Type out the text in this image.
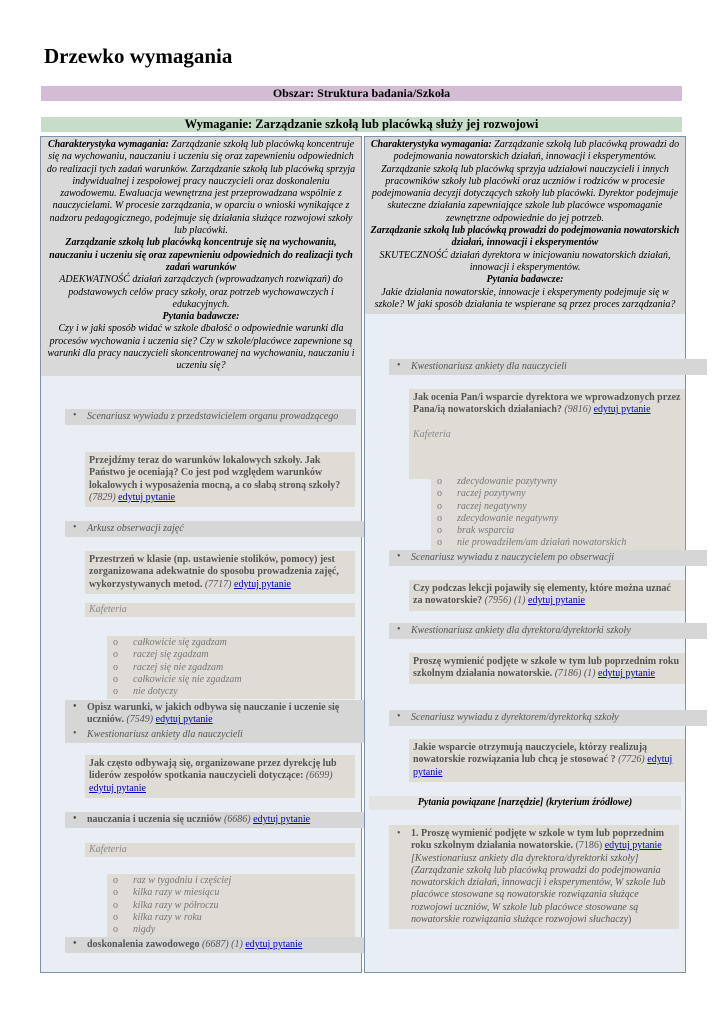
Drzewko wymagania
Obszar: Struktura badania/Szkoła
Wymaganie: Zarządzanie szkołą lub placówką służy jej rozwojowi
Charakterystyka wymagania: Zarządzanie szkołą lub placówką koncentruje się na wychowaniu, nauczaniu i uczeniu się oraz zapewnieniu odpowiednich do realizacji tych zadań warunków. Zarządzanie szkołą lub placówką sprzyja indywidualnej i zespołowej pracy nauczycieli oraz doskonaleniu zawodowemu. Ewaluacja wewnętrzna jest przeprowadzana wspólnie z nauczycielami. W procesie zarządzania, w oparciu o wnioski wynikające z nadzoru pedagogicznego, podejmuje się działania służące rozwojowi szkoły lub placówki.
Zarządzanie szkołą lub placówką koncentruje się na wychowaniu, nauczaniu i uczeniu się oraz zapewnieniu odpowiednich do realizacji tych zadań warunków
ADEKWATNOŚĆ działań zarządczych (wprowadzanych rozwiązań) do podstawowych celów pracy szkoły, oraz potrzeb wychowawczych i edukacyjnych.
Pytania badawcze:
Czy i w jaki sposób widać w szkole dbałość o odpowiednie warunki dla procesów wychowania i uczenia się? Czy w szkole/placówce zapewnione są warunki dla pracy nauczycieli skoncentrowanej na wychowaniu, nauczaniu i uczeniu się?
• Scenariusz wywiadu z przedstawicielem organu prowadzącego
Przejdźmy teraz do warunków lokalowych szkoły. Jak Państwo je oceniają? Co jest pod względem warunków lokalowych i wyposażenia mocną, a co słabą stroną szkoły? (7829) edytuj pytanie
• Arkusz obserwacji zajęć
Przestrzeń w klasie (np. ustawienie stolików, pomocy) jest zorganizowana adekwatnie do sposobu prowadzenia zajęć, wykorzystywanych metod. (7717) edytuj pytanie
Kafeteria
o całkowicie się zgadzam
o raczej się zgadzam
o raczej się nie zgadzam
o całkowicie się nie zgadzam
o nie dotyczy
• Opisz warunki, w jakich odbywa się nauczanie i uczenie się uczniów. (7549) edytuj pytanie
• Kwestionariusz ankiety dla nauczycieli
Jak często odbywają się, organizowane przez dyrekcję lub liderów zespołów spotkania nauczycieli dotyczące: (6699) edytuj pytanie
• nauczania i uczenia się uczniów (6686) edytuj pytanie
Kafeteria
o raz w tygodniu i częściej
o kilka razy w miesiącu
o kilka razy w półroczu
o kilka razy w roku
o nigdy
• doskonalenia zawodowego (6687) (1) edytuj pytanie
Charakterystyka wymagania: Zarządzanie szkołą lub placówką prowadzi do podejmowania nowatorskich działań, innowacji i eksperymentów. Zarządzanie szkołą lub placówką sprzyja udziałowi nauczycieli i innych pracowników szkoły lub placówki oraz uczniów i rodziców w procesie podejmowania decyzji dotyczących szkoły lub placówki. Dyrektor podejmuje skuteczne działania zapewniające szkole lub placówce wspomaganie zewnętrzne odpowiednie do jej potrzeb.
Zarządzanie szkołą lub placówką prowadzi do podejmowania nowatorskich działań, innowacji i eksperymentów
SKUTECZNOŚĆ działań dyrektora w inicjowaniu nowatorskich działań, innowacji i eksperymentów.
Pytania badawcze:
Jakie działania nowatorskie, innowacje i eksperymenty podejmuje się w szkole? W jaki sposób działania te wspierane są przez proces zarządzania?
• Kwestionariusz ankiety dla nauczycieli
Jak ocenia Pan/i wsparcie dyrektora we wprowadzonych przez Pana/ią nowatorskich działaniach? (9816) edytuj pytanie
Kafeteria
o zdecydowanie pozytywny
o raczej pozytywny
o raczej negatywny
o zdecydowanie negatywny
o brak wsparcia
o nie prowadziłem/am działań nowatorskich
• Scenariusz wywiadu z nauczycielem po obserwacji
Czy podczas lekcji pojawiły się elementy, które można uznać za nowatorskie? (7956) (1) edytuj pytanie
• Kwestionariusz ankiety dla dyrektora/dyrektorki szkoły
Proszę wymienić podjęte w szkole w tym lub poprzednim roku szkolnym działania nowatorskie. (7186) (1) edytuj pytanie
• Scenariusz wywiadu z dyrektorem/dyrektorką szkoły
Jakie wsparcie otrzymują nauczyciele, którzy realizują nowatorskie rozwiązania lub chcą je stosować ? (7726) edytuj pytanie
Pytania powiązane [narzędzie] (kryterium źródłowe)
• 1. Proszę wymienić podjęte w szkole w tym lub poprzednim roku szkolnym działania nowatorskie. (7186) edytuj pytanie
[Kwestionariusz ankiety dla dyrektora/dyrektorki szkoły]
(Zarządzanie szkołą lub placówką prowadzi do podejmowania nowatorskich działań, innowacji i eksperymentów, W szkole lub placówce stosowane są nowatorskie rozwiązania służące rozwojowi uczniów, W szkole lub placówce stosowane są nowatorskie rozwiązania służące rozwojowi słuchaczy)
